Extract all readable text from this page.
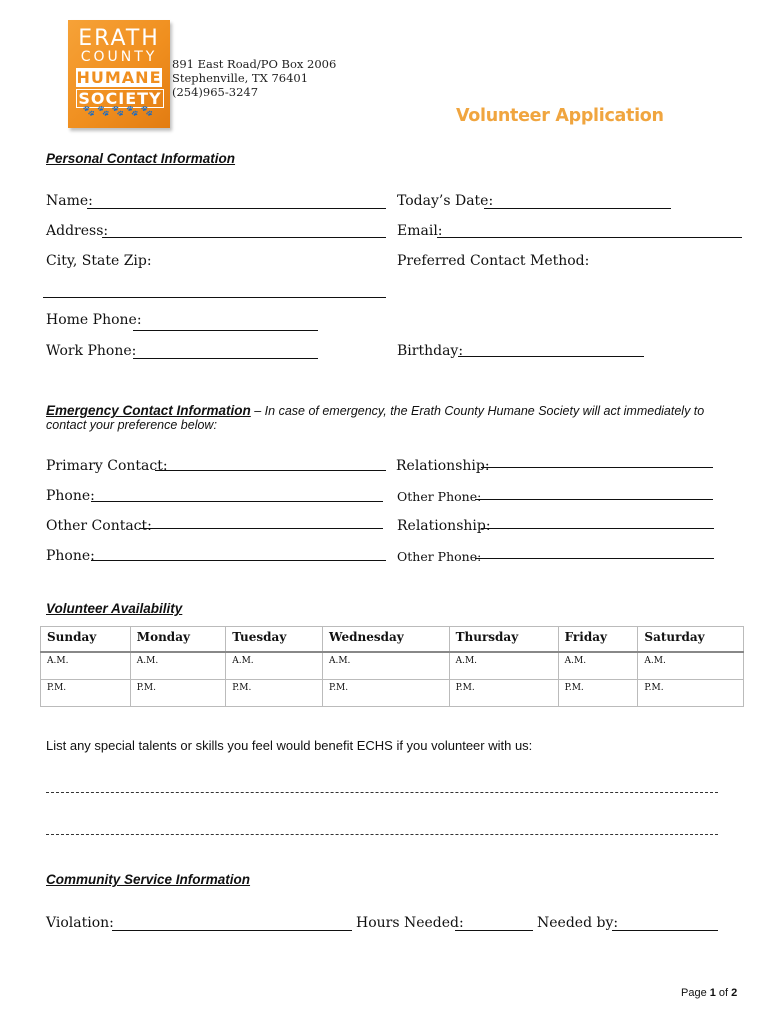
ERATH
COUNTY
HUMANE
SOCIETY
🐾🐾🐾🐾🐾
891 East Road/PO Box 2006
Stephenville, TX 76401
(254)965-3247
Volunteer Application
Personal Contact Information
Name:	Today’s Date:
Address:	Email:
City, State Zip:	Preferred Contact Method:
Home Phone:
Work Phone:	Birthday:
Emergency Contact Information – In case of emergency, the Erath County Humane Society will act immediately to
contact your preference below:
Primary Contact:	Relationship:
Phone:	Other Phone:
Other Contact:	Relationship:
Phone:	Other Phone:
Volunteer Availability
Sunday	Monday	Tuesday	Wednesday	Thursday	Friday	Saturday
A.M.	A.M.	A.M.	A.M.	A.M.	A.M.	A.M.
P.M.	P.M.	P.M.	P.M.	P.M.	P.M.	P.M.
List any special talents or skills you feel would benefit ECHS if you volunteer with us:
Community Service Information
Violation:	Hours Needed:	Needed by:
Page 1 of 2
